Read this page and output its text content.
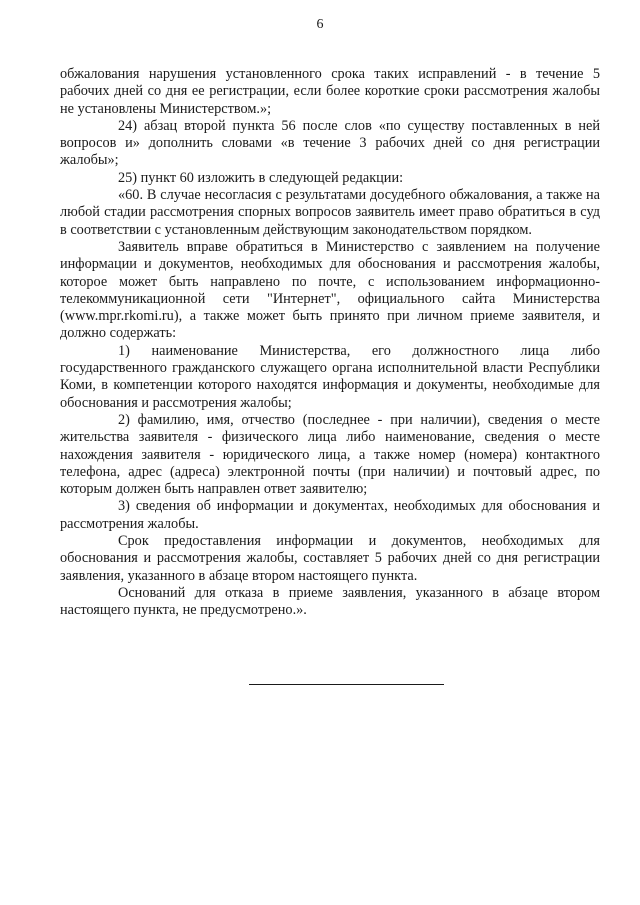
6

обжалования нарушения установленного срока таких исправлений - в течение 5 рабочих дней со дня ее регистрации, если более короткие сроки рассмотрения жалобы не установлены Министерством.»;

24) абзац второй пункта 56 после слов «по существу поставленных в ней вопросов и» дополнить словами «в течение 3 рабочих дней со дня регистрации жалобы»;

25) пункт 60 изложить в следующей редакции:

«60. В случае несогласия с результатами досудебного обжалования, а также на любой стадии рассмотрения спорных вопросов заявитель имеет право обратиться в суд в соответствии с установленным действующим законодательством порядком.

Заявитель вправе обратиться в Министерство с заявлением на получение информации и документов, необходимых для обоснования и рассмотрения жалобы, которое может быть направлено по почте, с использованием информационно-телекоммуникационной сети "Интернет", официального сайта Министерства (www.mpr.rkomi.ru), а также может быть принято при личном приеме заявителя, и должно содержать:

1) наименование Министерства, его должностного лица либо государственного гражданского служащего органа исполнительной власти Республики Коми, в компетенции которого находятся информация и документы, необходимые для обоснования и рассмотрения жалобы;

2) фамилию, имя, отчество (последнее - при наличии), сведения о месте жительства заявителя - физического лица либо наименование, сведения о месте нахождения заявителя - юридического лица, а также номер (номера) контактного телефона, адрес (адреса) электронной почты (при наличии) и почтовый адрес, по которым должен быть направлен ответ заявителю;

3) сведения об информации и документах, необходимых для обоснования и рассмотрения жалобы.

Срок предоставления информации и документов, необходимых для обоснования и рассмотрения жалобы, составляет 5 рабочих дней со дня регистрации заявления, указанного в абзаце втором настоящего пункта.

Оснований для отказа в приеме заявления, указанного в абзаце втором настоящего пункта, не предусмотрено.».
